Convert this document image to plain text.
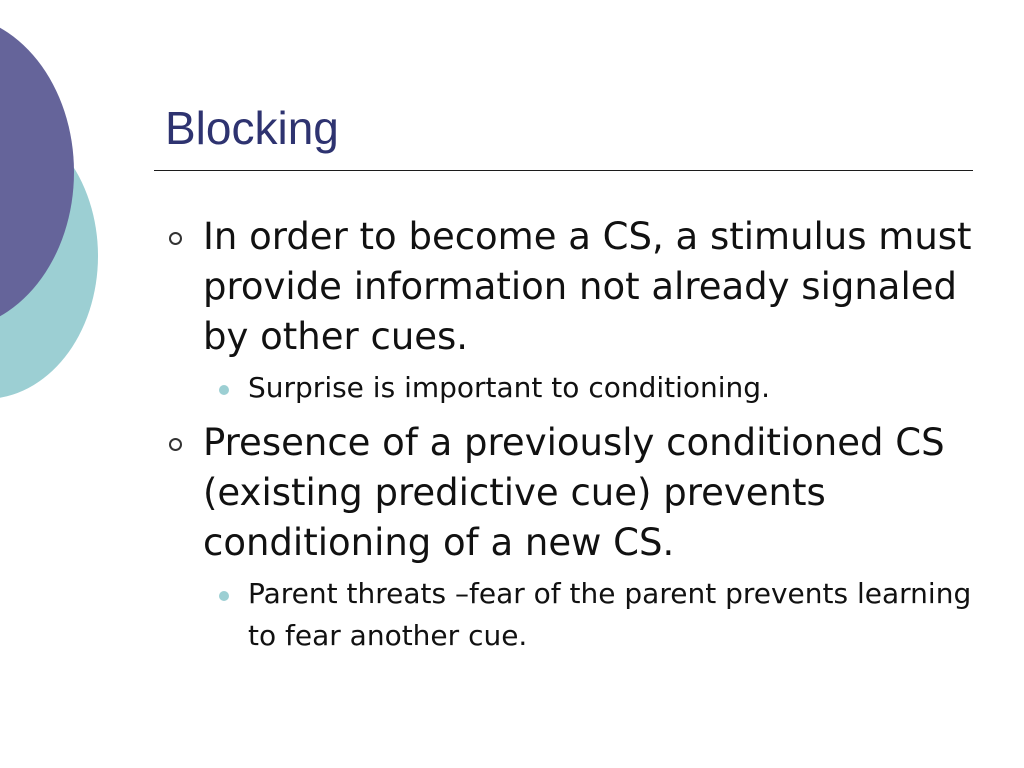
Blocking
In order to become a CS, a stimulus must provide information not already signaled by other cues.
Surprise is important to conditioning.
Presence of a previously conditioned CS (existing predictive cue) prevents conditioning of a new CS.
Parent threats –fear of the parent prevents learning to fear another cue.
